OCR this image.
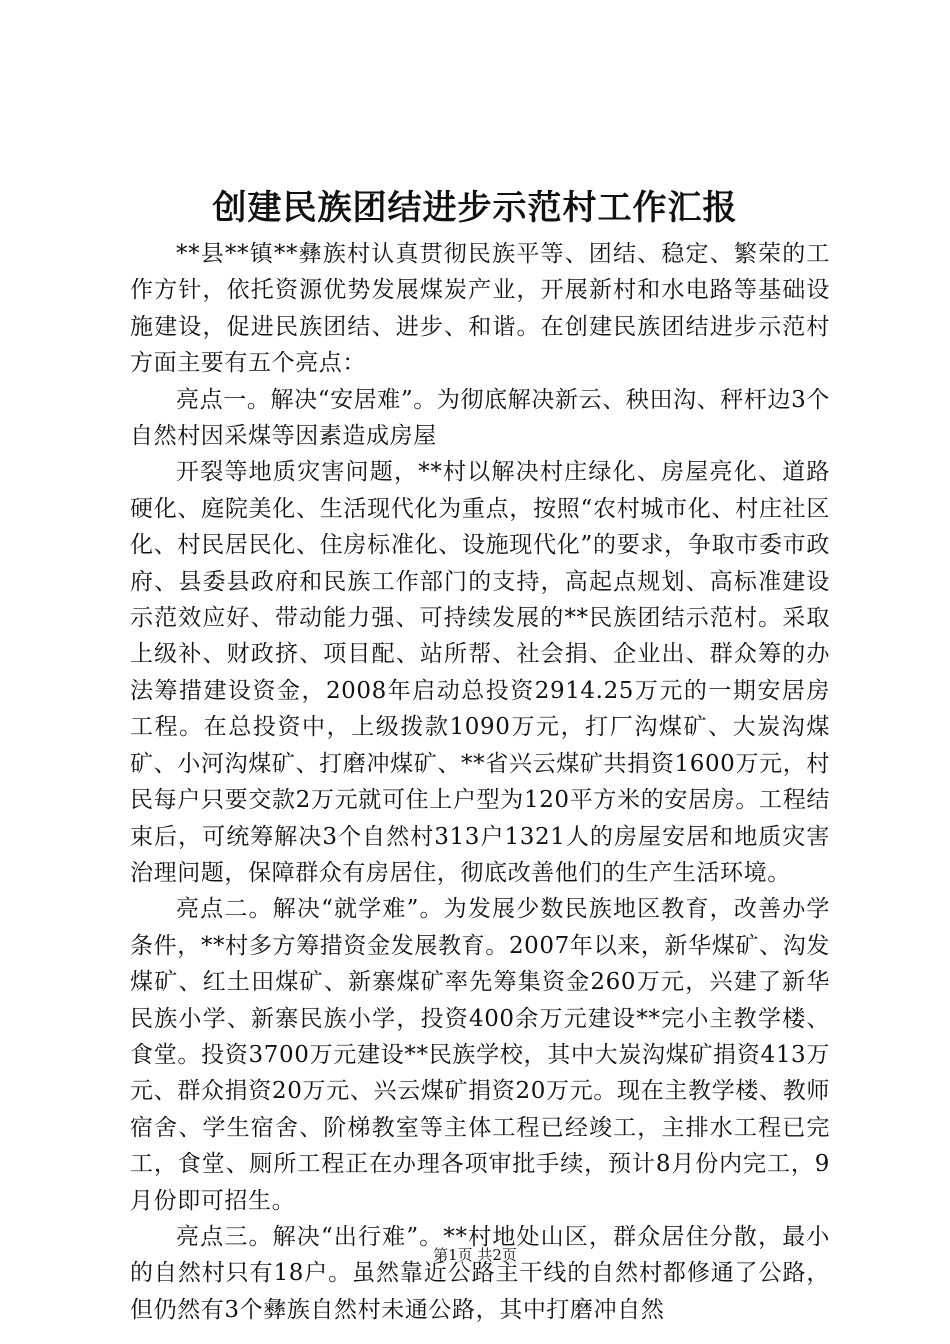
创建民族团结进步示范村工作汇报

**县**镇**彝族村认真贯彻民族平等、团结、稳定、繁荣的工作方针，依托资源优势发展煤炭产业，开展新村和水电路等基础设施建设，促进民族团结、进步、和谐。在创建民族团结进步示范村方面主要有五个亮点：

亮点一。解决“安居难”。为彻底解决新云、秧田沟、秤杆边3个自然村因采煤等因素造成房屋

开裂等地质灾害问题，**村以解决村庄绿化、房屋亮化、道路硬化、庭院美化、生活现代化为重点，按照“农村城市化、村庄社区化、村民居民化、住房标准化、设施现代化”的要求，争取市委市政府、县委县政府和民族工作部门的支持，高起点规划、高标准建设示范效应好、带动能力强、可持续发展的**民族团结示范村。采取上级补、财政挤、项目配、站所帮、社会捐、企业出、群众筹的办法筹措建设资金，2008年启动总投资2914.25万元的一期安居房工程。在总投资中，上级拨款1090万元，打厂沟煤矿、大炭沟煤矿、小河沟煤矿、打磨冲煤矿、**省兴云煤矿共捐资1600万元，村民每户只要交款2万元就可住上户型为120平方米的安居房。工程结束后，可统筹解决3个自然村313户1321人的房屋安居和地质灾害治理问题，保障群众有房居住，彻底改善他们的生产生活环境。

亮点二。解决“就学难”。为发展少数民族地区教育，改善办学条件，**村多方筹措资金发展教育。2007年以来，新华煤矿、沟发煤矿、红土田煤矿、新寨煤矿率先筹集资金260万元，兴建了新华民族小学、新寨民族小学，投资400余万元建设**完小主教学楼、食堂。投资3700万元建设**民族学校，其中大炭沟煤矿捐资413万元、群众捐资20万元、兴云煤矿捐资20万元。现在主教学楼、教师宿舍、学生宿舍、阶梯教室等主体工程已经竣工，主排水工程已完工，食堂、厕所工程正在办理各项审批手续，预计8月份内完工，9月份即可招生。

亮点三。解决“出行难”。**村地处山区，群众居住分散，最小的自然村只有18户。虽然靠近公路主干线的自然村都修通了公路，但仍然有3个彝族自然村未通公路，其中打磨冲自然

第1页 共2页
